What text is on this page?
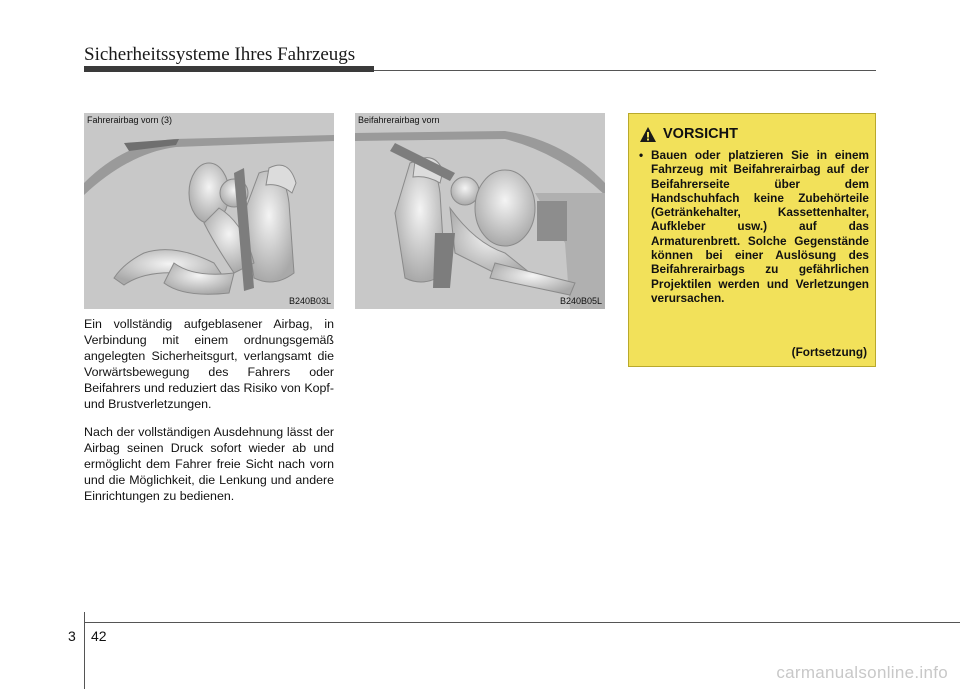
Sicherheitssysteme Ihres Fahrzeugs
Fahrerairbag vorn (3)
B240B03L
Beifahrerairbag vorn
B240B05L

Ein vollständig aufgeblasener Airbag, in Verbindung mit einem ordnungsgemäß angelegten Sicherheitsgurt, verlangsamt die Vorwärtsbewegung des Fahrers oder Beifahrers und reduziert das Risiko von Kopf- und Brustverletzungen.

Nach der vollständigen Ausdehnung lässt der Airbag seinen Druck sofort wieder ab und ermöglicht dem Fahrer freie Sicht nach vorn und die Möglichkeit, die Lenkung und andere Einrichtungen zu bedienen.

VORSICHT

• Bauen oder platzieren Sie in einem Fahrzeug mit Beifahrerairbag auf der Beifahrerseite über dem Handschuhfach keine Zubehörteile (Getränkehalter, Kassettenhalter, Aufkleber usw.) auf das Armaturenbrett. Solche Gegenstände können bei einer Auslösung des Beifahrerairbags zu gefährlichen Projektilen werden und Verletzungen verursachen.

(Fortsetzung)
3 42
carmanualsonline.info
